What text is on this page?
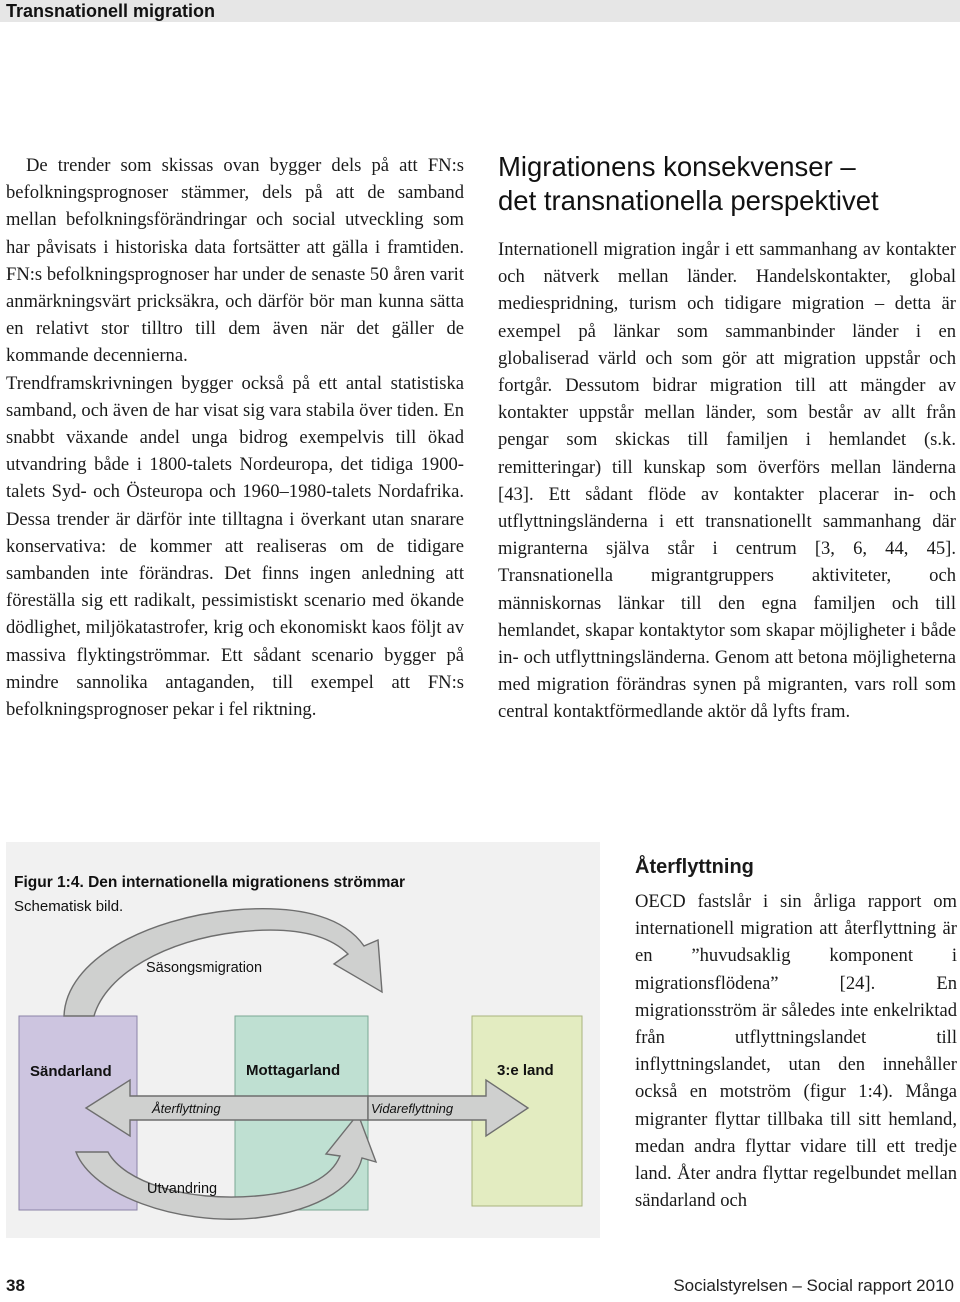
Transnationell migration

De trender som skissas ovan bygger dels på att FN:s befolkningsprognoser stämmer, dels på att de samband mellan befolkningsförändringar och social utveckling som har påvisats i historiska data fortsätter att gälla i framtiden. FN:s befolkningsprognoser har under de senaste 50 åren varit anmärkningsvärt pricksäkra, och därför bör man kunna sätta en relativt stor tilltro till dem även när det gäller de kommande decennierna.

Trendframskrivningen bygger också på ett antal statistiska samband, och även de har visat sig vara stabila över tiden. En snabbt växande andel unga bidrog exempelvis till ökad utvandring både i 1800-talets Nordeuropa, det tidiga 1900-talets Syd- och Östeuropa och 1960–1980-talets Nordafrika. Dessa trender är därför inte tilltagna i överkant utan snarare konservativa: de kommer att realiseras om de tidigare sambanden inte förändras. Det finns ingen anledning att föreställa sig ett radikalt, pessimistiskt scenario med ökande dödlighet, miljökatastrofer, krig och ekonomiskt kaos följt av massiva flyktingströmmar. Ett sådant scenario bygger på mindre sannolika antaganden, till exempel att FN:s befolkningsprognoser pekar i fel riktning.

Migrationens konsekvenser –
det transnationella perspektivet

Internationell migration ingår i ett sammanhang av kontakter och nätverk mellan länder. Handelskontakter, global mediespridning, turism och tidigare migration – detta är exempel på länkar som sammanbinder länder i en globaliserad värld och som gör att migration uppstår och fortgår. Dessutom bidrar migration till att mängder av kontakter uppstår mellan länder, som består av allt från pengar som skickas till familjen i hemlandet (s.k. remitteringar) till kunskap som överförs mellan länderna [43]. Ett sådant flöde av kontakter placerar in- och utflyttningsländerna i ett transnationellt sammanhang där migranterna själva står i centrum [3, 6, 44, 45]. Transnationella migrantgruppers aktiviteter, och människornas länkar till den egna familjen och till hemlandet, skapar kontaktytor som skapar möjligheter i både in- och utflyttningsländerna. Genom att betona möjligheterna med migration förändras synen på migranten, vars roll som central kontaktförmedlande aktör då lyfts fram.

Säsongsmigration
Sändarland	Mottagarland	3:e land
Återflyttning	Vidareflyttning
Utvandring
Figur 1:4. Den internationella migrationens strömmar
Schematisk bild.
Återflyttning

OECD fastslår i sin årliga rapport om internationell migration att återflyttning är en ”huvudsaklig komponent i migrationsflödena” [24]. En migrationsström är således inte enkelriktad från utflyttningslandet till inflyttningslandet, utan den innehåller också en motström (figur 1:4). Många migranter flyttar tillbaka till sitt hemland, medan andra flyttar vidare till ett tredje land. Åter andra flyttar regelbundet mellan sändarland och

38	Socialstyrelsen – Social rapport 2010
